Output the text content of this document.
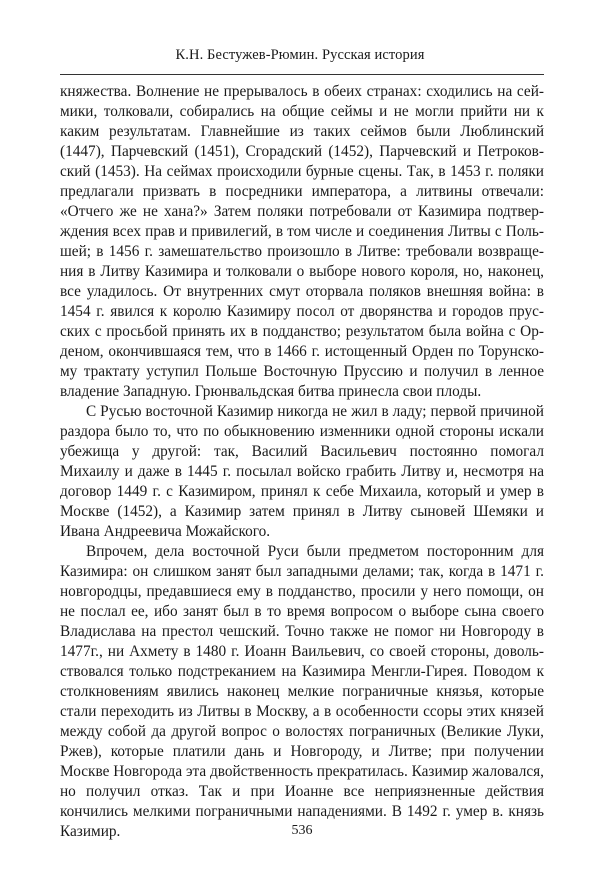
К.Н. Бестужев-Рюмин. Русская история

княжества. Волнение не прерывалось в обеих странах: сходились на сеймики, толковали, собирались на общие сеймы и не могли прийти ни к каким результатам. Главнейшие из таких сеймов были Люблинский (1447), Парчевский (1451), Сгорадский (1452), Парчевский и Петроковский (1453). На сеймах происходили бурные сцены. Так, в 1453 г. поляки предлагали призвать в посредники императора, а литвины отвечали: «Отчего же не хана?» Затем поляки потребовали от Казимира подтверждения всех прав и привилегий, в том числе и соединения Литвы с Польшей; в 1456 г. замешательство произошло в Литве: требовали возвращения в Литву Казимира и толковали о выборе нового короля, но, наконец, все уладилось. От внутренних смут оторвала поляков внешняя война: в 1454 г. явился к королю Казимиру посол от дворянства и городов прусских с просьбой принять их в подданство; результатом была война с Орденом, окончившаяся тем, что в 1466 г. истощенный Орден по Торунскому трактату уступил Польше Восточную Пруссию и получил в ленное владение Западную. Грюнвальдская битва принесла свои плоды.

С Русью восточной Казимир никогда не жил в ладу; первой причиной раздора было то, что по обыкновению изменники одной стороны искали убежища у другой: так, Василий Васильевич постоянно помогал Михаилу и даже в 1445 г. посылал войско грабить Литву и, несмотря на договор 1449 г. с Казимиром, принял к себе Михаила, который и умер в Москве (1452), а Казимир затем принял в Литву сыновей Шемяки и Ивана Андреевича Можайского.

Впрочем, дела восточной Руси были предметом посторонним для Казимира: он слишком занят был западными делами; так, когда в 1471 г. новгородцы, предавшиеся ему в подданство, просили у него помощи, он не послал ее, ибо занят был в то время вопросом о выборе сына своего Владислава на престол чешский. Точно также не помог ни Новгороду в 1477г., ни Ахмету в 1480 г. Иоанн Ваильевич, со своей стороны, довольствовался только подстреканием на Казимира Менгли-Гирея. Поводом к столкновениям явились наконец мелкие пограничные князья, которые стали переходить из Литвы в Москву, а в особенности ссоры этих князей между собой да другой вопрос о волостях пограничных (Великие Луки, Ржев), которые платили дань и Новгороду, и Литве; при получении Москве Новгорода эта двойственность прекратилась. Казимир жаловался, но получил отказ. Так и при Иоанне все неприязненные действия кончились мелкими пограничными нападениями. В 1492 г. умер в. князь Казимир.	536
